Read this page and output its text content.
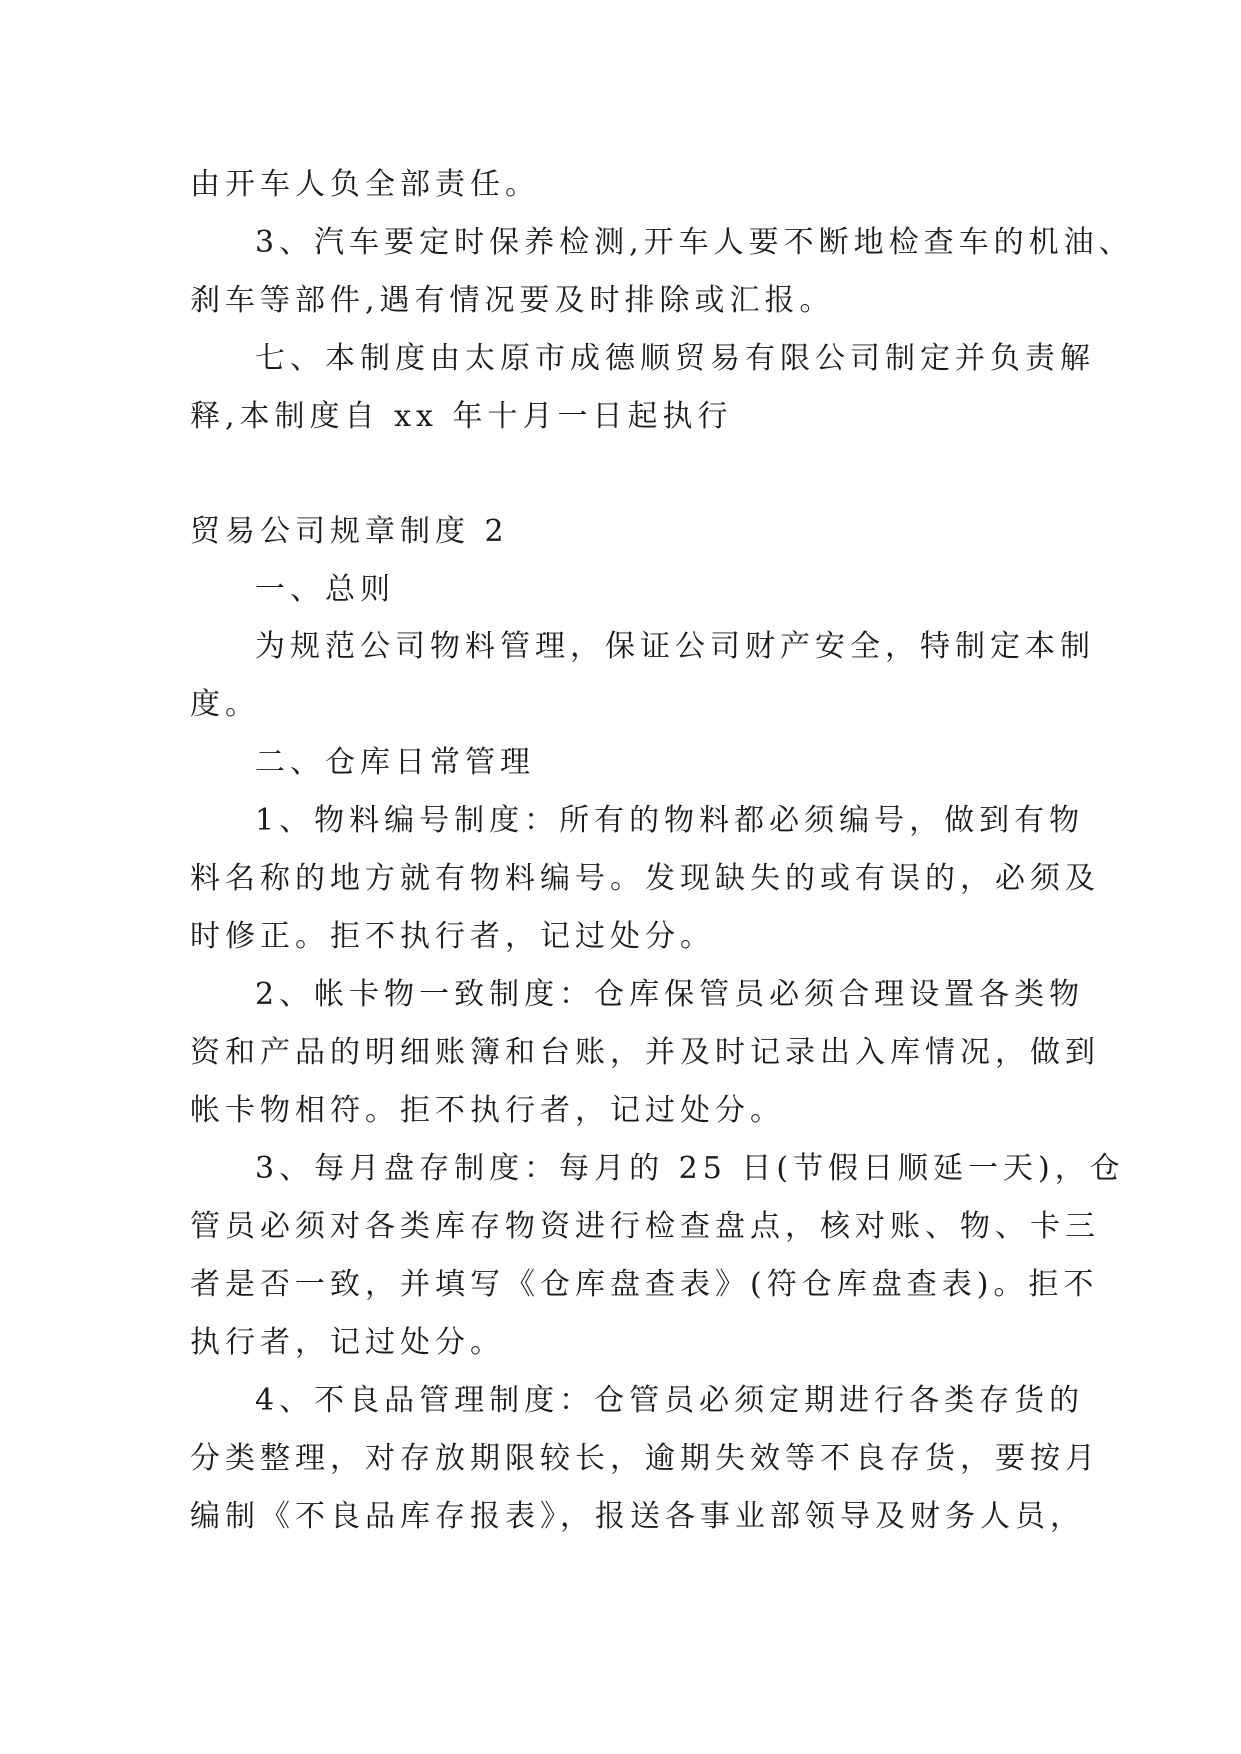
由开车人负全部责任。
3、汽车要定时保养检测,开车人要不断地检查车的机油、
刹车等部件,遇有情况要及时排除或汇报。
七、本制度由太原市成德顺贸易有限公司制定并负责解
释,本制度自 xx 年十月一日起执行
贸易公司规章制度 2
一、总则
为规范公司物料管理，保证公司财产安全，特制定本制
度。
二、仓库日常管理
1、物料编号制度：所有的物料都必须编号，做到有物
料名称的地方就有物料编号。发现缺失的或有误的，必须及
时修正。拒不执行者，记过处分。
2、帐卡物一致制度：仓库保管员必须合理设置各类物
资和产品的明细账簿和台账，并及时记录出入库情况，做到
帐卡物相符。拒不执行者，记过处分。
3、每月盘存制度：每月的 25 日(节假日顺延一天)，仓
管员必须对各类库存物资进行检查盘点，核对账、物、卡三
者是否一致，并填写《仓库盘查表》(符仓库盘查表)。拒不
执行者，记过处分。
4、不良品管理制度：仓管员必须定期进行各类存货的
分类整理，对存放期限较长，逾期失效等不良存货，要按月
编制《不良品库存报表》，报送各事业部领导及财务人员，
